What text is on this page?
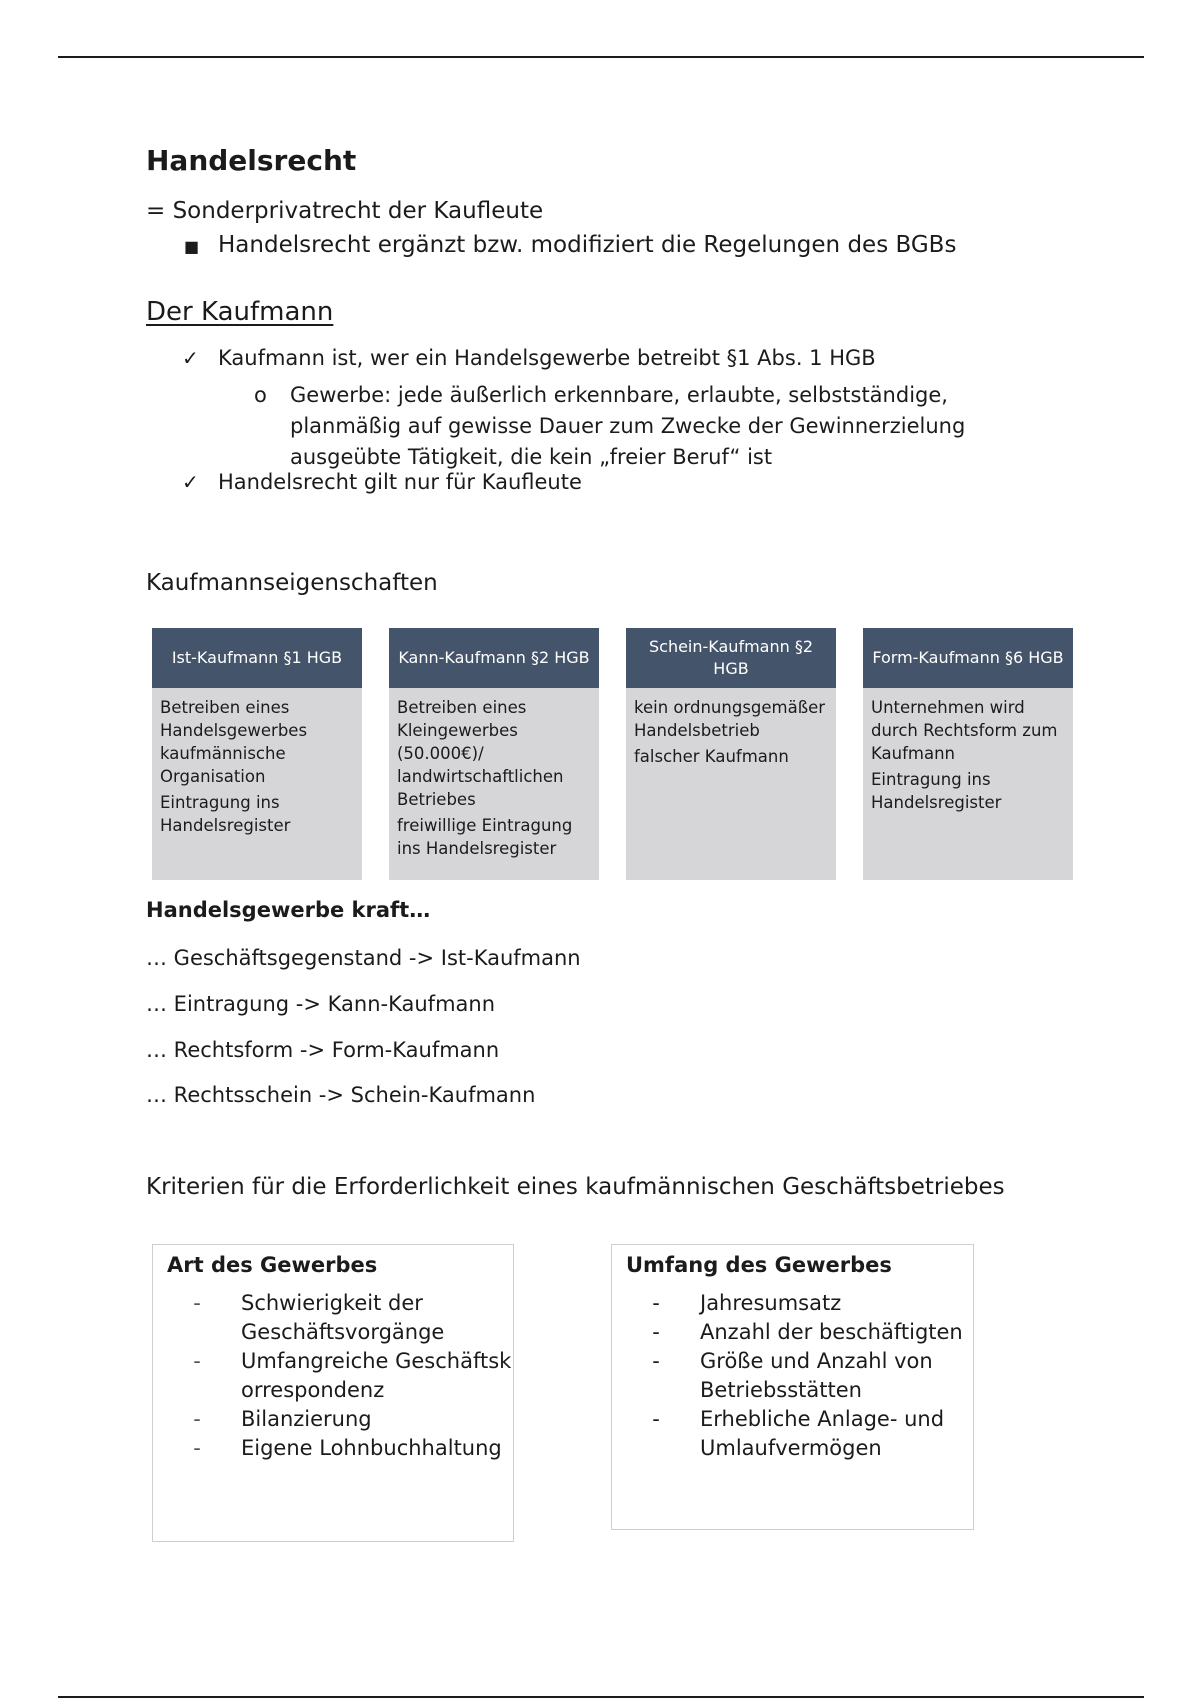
Handelsrecht
= Sonderprivatrecht der Kaufleute
■ Handelsrecht ergänzt bzw. modifiziert die Regelungen des BGBs
Der Kaufmann
✓ Kaufmann ist, wer ein Handelsgewerbe betreibt §1 Abs. 1 HGB
o	Gewerbe: jede äußerlich erkennbare, erlaubte, selbstständige, planmäßig auf gewisse Dauer zum Zwecke der Gewinnerzielung ausgeübte Tätigkeit, die kein „freier Beruf“ ist
✓ Handelsrecht gilt nur für Kaufleute
Kaufmannseigenschaften
Ist-Kaufmann §1 HGB

Betreiben eines Handelsgewerbes kaufmännische Organisation

Eintragung ins Handelsregister

Kann-Kaufmann §2 HGB

Betreiben eines Kleingewerbes (50.000€)/ landwirtschaftlichen Betriebes

freiwillige Eintragung ins Handelsregister

Schein-Kaufmann §2 HGB

kein ordnungsgemäßer Handelsbetrieb

falscher Kaufmann

Form-Kaufmann §6 HGB

Unternehmen wird durch Rechtsform zum Kaufmann

Eintragung ins Handelsregister

Handelsgewerbe kraft…
… Geschäftsgegenstand -> Ist-Kaufmann
… Eintragung -> Kann-Kaufmann
… Rechtsform -> Form-Kaufmann
… Rechtsschein -> Schein-Kaufmann
Kriterien für die Erforderlichkeit eines kaufmännischen Geschäftsbetriebes
Art des Gewerbes
-	Schwierigkeit der Geschäftsvorgänge
-	Umfangreiche Geschäftskorrespondenz
-	Bilanzierung
-	Eigene Lohnbuchhaltung
Umfang des Gewerbes
-	Jahresumsatz
-	Anzahl der beschäftigten
-	Größe und Anzahl von Betriebsstätten
-	Erhebliche Anlage- und Umlaufvermögen
